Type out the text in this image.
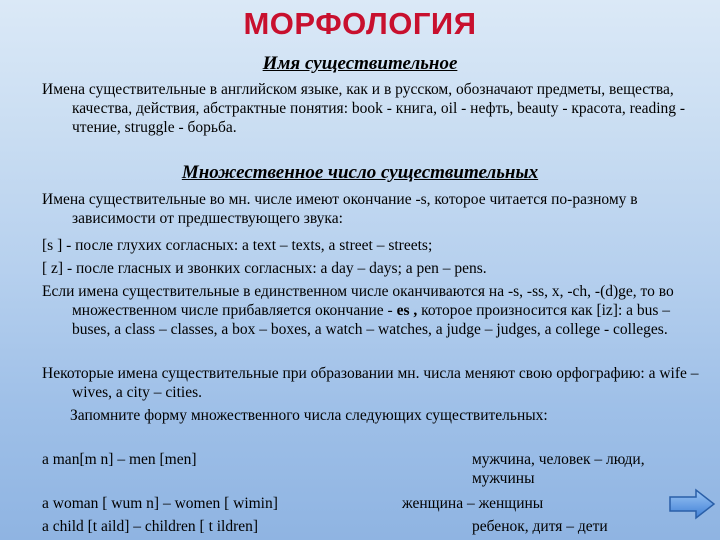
МОРФОЛОГИЯ
Имя существительное
Имена существительные в английском языке, как и в русском, обозначают предметы, вещества, качества, действия, абстрактные понятия: book - книга, oil - нефть, beauty - красота, reading - чтение, struggle - борьба.
Множественное число существительных
Имена существительные во мн. числе имеют окончание -s, которое читается по-разному в зависимости от предшествующего звука:
[s ] - после глухих согласных: a text – texts, a street – streets;
[ z] - после гласных и звонких согласных: a day – days; a pen – pens.
Если имена существительные в единственном числе оканчиваются на -s, -ss, x, -ch, -(d)ge, то во множественном числе прибавляется окончание - es , которое произносится как [iz]: a bus – buses, a class – classes, a box – boxes, a watch – watches, a judge – judges, a college - colleges.
Некоторые имена существительные при образовании мн. числа меняют свою орфографию: a wife – wives, a city – cities.
Запомните форму множественного числа следующих существительных:
a man[m n] – men [men]	мужчина, человек – люди, мужчины
a woman [ wum n] – women [ wimin]	женщина – женщины
a child [t aild] – children [ t ildren]	ребенок, дитя – дети
